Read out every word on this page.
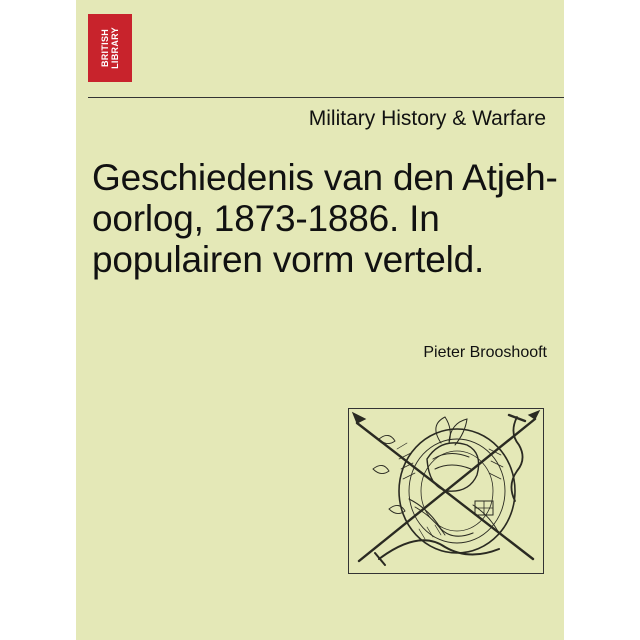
BRITISH LIBRARY
Military History & Warfare
Geschiedenis van den Atjeh-oorlog, 1873-1886. In populairen vorm verteld.
Pieter Brooshooft
